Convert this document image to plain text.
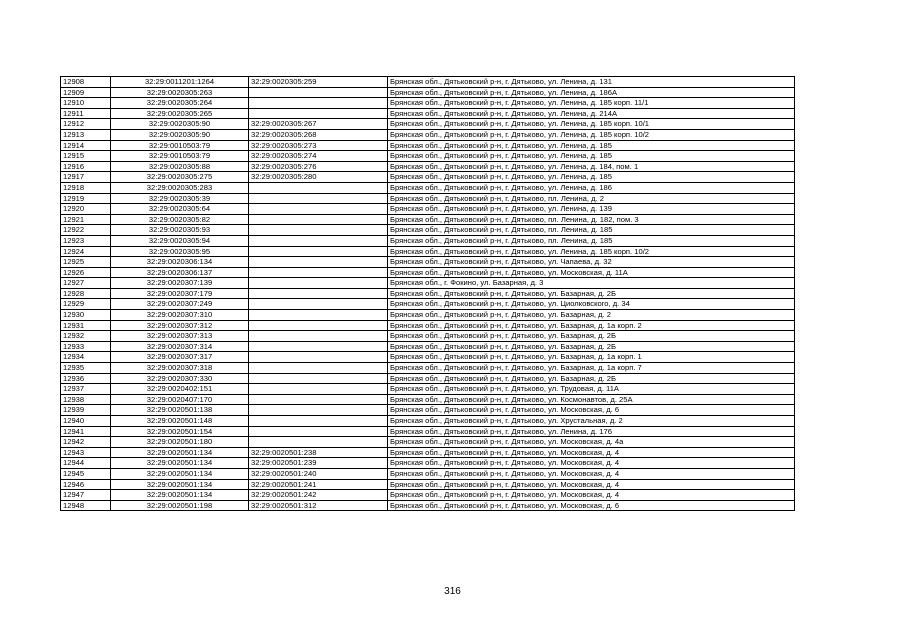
12908	32:29:0011201:1264	32:29:0020305:259	Брянская обл., Дятьковский р-н, г. Дятьково, ул. Ленина, д. 131
12909	32:29:0020305:263		Брянская обл., Дятьковский р-н, г. Дятьково, ул. Ленина, д. 186А
12910	32:29:0020305:264		Брянская обл., Дятьковский р-н, г. Дятьково, ул. Ленина, д. 185 корп. 11/1
12911	32:29:0020305:265		Брянская обл., Дятьковский р-н, г. Дятьково, ул. Ленина, д. 214А
12912	32:29:0020305:90	32:29:0020305:267	Брянская обл., Дятьковский р-н, г. Дятьково, ул. Ленина, д. 185 корп. 10/1
12913	32:29:0020305:90	32:29:0020305:268	Брянская обл., Дятьковский р-н, г. Дятьково, ул. Ленина, д. 185 корп. 10/2
12914	32:29:0010503:79	32:29:0020305:273	Брянская обл., Дятьковский р-н, г. Дятьково, ул. Ленина, д. 185
12915	32:29:0010503:79	32:29:0020305:274	Брянская обл., Дятьковский р-н, г. Дятьково, ул. Ленина, д. 185
12916	32:29:0020305:88	32:29:0020305:276	Брянская обл., Дятьковский р-н, г. Дятьково, ул. Ленина, д. 184, пом. 1
12917	32:29:0020305:275	32:29:0020305:280	Брянская обл., Дятьковский р-н, г. Дятьково, ул. Ленина, д. 185
12918	32:29:0020305:283		Брянская обл., Дятьковский р-н, г. Дятьково, ул. Ленина, д. 186
12919	32:29:0020305:39		Брянская обл., Дятьковский р-н, г. Дятьково, пл. Ленина, д. 2
12920	32:29:0020305:64		Брянская обл., Дятьковский р-н, г. Дятьково, ул. Ленина, д. 139
12921	32:29:0020305:82		Брянская обл., Дятьковский р-н, г. Дятьково, пл. Ленина, д. 182, пом. 3
12922	32:29:0020305:93		Брянская обл., Дятьковский р-н, г. Дятьково, пл. Ленина, д. 185
12923	32:29:0020305:94		Брянская обл., Дятьковский р-н, г. Дятьково, пл. Ленина, д. 185
12924	32:29:0020305:95		Брянская обл., Дятьковский р-н, г. Дятьково, ул. Ленина, д. 185 корп. 10/2
12925	32:29:0020306:134		Брянская обл., Дятьковский р-н, г. Дятьково, ул. Чапаева, д. 32
12926	32:29:0020306:137		Брянская обл., Дятьковский р-н, г. Дятьково, ул. Московская, д. 11А
12927	32:29:0020307:139		Брянская обл., г. Фокино, ул. Базарная, д. 3
12928	32:29:0020307:179		Брянская обл., Дятьковский р-н, г. Дятьково, ул. Базарная, д. 2Б
12929	32:29:0020307:249		Брянская обл., Дятьковский р-н, г. Дятьково, ул. Циолковского, д. 34
12930	32:29:0020307:310		Брянская обл., Дятьковский р-н, г. Дятьково, ул. Базарная, д. 2
12931	32:29:0020307:312		Брянская обл., Дятьковский р-н, г. Дятьково, ул. Базарная, д. 1а корп. 2
12932	32:29:0020307:313		Брянская обл., Дятьковский р-н, г. Дятьково, ул. Базарная, д. 2Б
12933	32:29:0020307:314		Брянская обл., Дятьковский р-н, г. Дятьково, ул. Базарная, д. 2Б
12934	32:29:0020307:317		Брянская обл., Дятьковский р-н, г. Дятьково, ул. Базарная, д. 1а корп. 1
12935	32:29:0020307:318		Брянская обл., Дятьковский р-н, г. Дятьково, ул. Базарная, д. 1а корп. 7
12936	32:29:0020307:330		Брянская обл., Дятьковский р-н, г. Дятьково, ул. Базарная, д. 2Б
12937	32:29:0020402:151		Брянская обл., Дятьковский р-н, г. Дятьково, ул. Трудовая, д. 11А
12938	32:29:0020407:170		Брянская обл., Дятьковский р-н, г. Дятьково, ул. Космонавтов, д. 25А
12939	32:29:0020501:138		Брянская обл., Дятьковский р-н, г. Дятьково, ул. Московская, д. 6
12940	32:29:0020501:148		Брянская обл., Дятьковский р-н, г. Дятьково, ул. Хрустальная, д. 2
12941	32:29:0020501:154		Брянская обл., Дятьковский р-н, г. Дятьково, ул. Ленина, д. 176
12942	32:29:0020501:180		Брянская обл., Дятьковский р-н, г. Дятьково, ул. Московская, д. 4а
12943	32:29:0020501:134	32:29:0020501:238	Брянская обл., Дятьковский р-н, г. Дятьково, ул. Московская, д. 4
12944	32:29:0020501:134	32:29:0020501:239	Брянская обл., Дятьковский р-н, г. Дятьково, ул. Московская, д. 4
12945	32:29:0020501:134	32:29:0020501:240	Брянская обл., Дятьковский р-н, г. Дятьково, ул. Московская, д. 4
12946	32:29:0020501:134	32:29:0020501:241	Брянская обл., Дятьковский р-н, г. Дятьково, ул. Московская, д. 4
12947	32:29:0020501:134	32:29:0020501:242	Брянская обл., Дятьковский р-н, г. Дятьково, ул. Московская, д. 4
12948	32:29:0020501:198	32:29:0020501:312	Брянская обл., Дятьковский р-н, г. Дятьково, ул. Московская, д. 6
316
